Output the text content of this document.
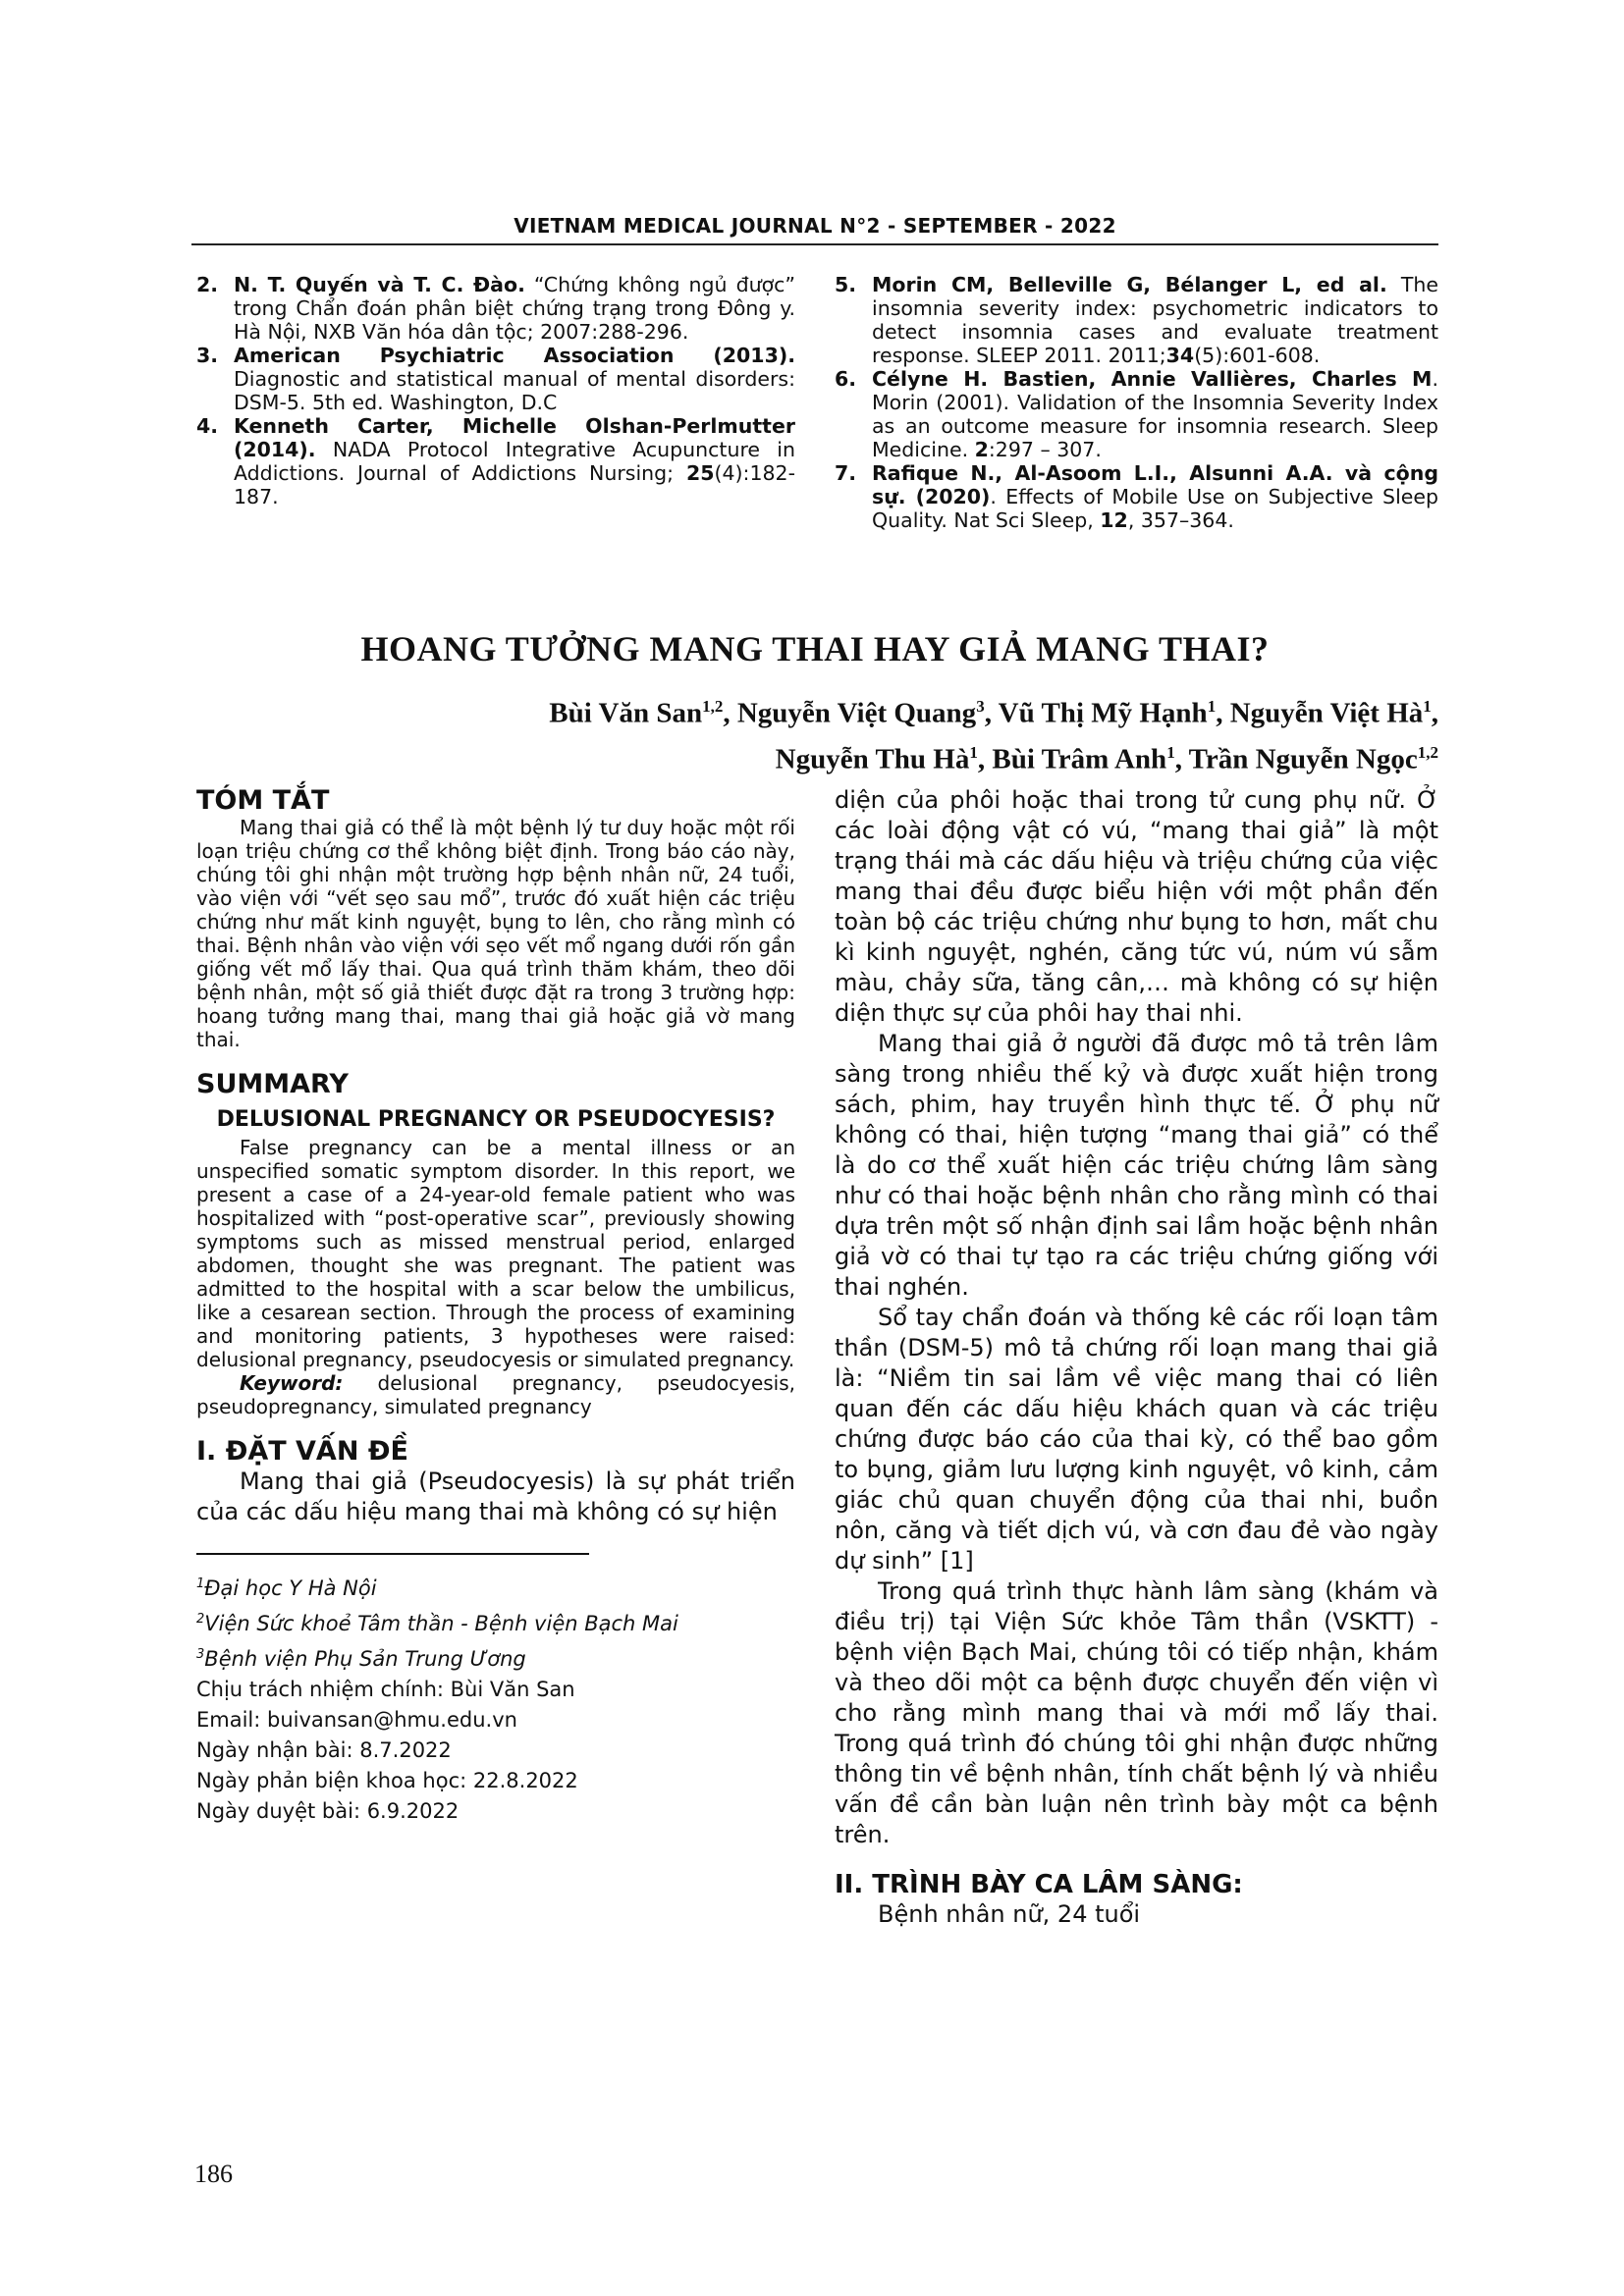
VIETNAM MEDICAL JOURNAL N°2 - SEPTEMBER - 2022
2. N. T. Quyến và T. C. Đào. “Chứng không ngủ được” trong Chẩn đoán phân biệt chứng trạng trong Đông y. Hà Nội, NXB Văn hóa dân tộc; 2007:288-296.
3. American Psychiatric Association (2013). Diagnostic and statistical manual of mental disorders: DSM-5. 5th ed. Washington, D.C
4. Kenneth Carter, Michelle Olshan-Perlmutter (2014). NADA Protocol Integrative Acupuncture in Addictions. Journal of Addictions Nursing; 25(4):182-187.
5. Morin CM, Belleville G, Bélanger L, ed al. The insomnia severity index: psychometric indicators to detect insomnia cases and evaluate treatment response. SLEEP 2011. 2011;34(5):601-608.
6. Célyne H. Bastien, Annie Vallières, Charles M. Morin (2001). Validation of the Insomnia Severity Index as an outcome measure for insomnia research. Sleep Medicine. 2:297 – 307.
7. Rafique N., Al-Asoom L.I., Alsunni A.A. và cộng sự. (2020). Effects of Mobile Use on Subjective Sleep Quality. Nat Sci Sleep, 12, 357–364.
HOANG TƯỞNG MANG THAI HAY GIẢ MANG THAI?
Bùi Văn San$^{1,2}$, Nguyễn Việt Quang$^3$, Vũ Thị Mỹ Hạnh$^1$, Nguyễn Việt $Hà^1$,
Nguyễn Thu $Hà^1$, Bùi Trâm Anh$^1$, Trần Nguyễn Ngọc$^{1,2}$
TÓM TẮT

Mang thai giả có thể là một bệnh lý tư duy hoặc một rối loạn triệu chứng cơ thể không biệt định. Trong báo cáo này, chúng tôi ghi nhận một trường hợp bệnh nhân nữ, 24 tuổi, vào viện với “vết sẹo sau mổ”, trước đó xuất hiện các triệu chứng như mất kinh nguyệt, bụng to lên, cho rằng mình có thai. Bệnh nhân vào viện với sẹo vết mổ ngang dưới rốn gần giống vết mổ lấy thai. Qua quá trình thăm khám, theo dõi bệnh nhân, một số giả thiết được đặt ra trong 3 trường hợp: hoang tưởng mang thai, mang thai giả hoặc giả vờ mang thai.

SUMMARY
DELUSIONAL PREGNANCY OR PSEUDOCYESIS?

False pregnancy can be a mental illness or an unspecified somatic symptom disorder. In this report, we present a case of a 24-year-old female patient who was hospitalized with “post-operative scar”, previously showing symptoms such as missed menstrual period, enlarged abdomen, thought she was pregnant. The patient was admitted to the hospital with a scar below the umbilicus, like a cesarean section. Through the process of examining and monitoring patients, 3 hypotheses were raised: delusional pregnancy, pseudocyesis or simulated pregnancy.

Keyword: delusional pregnancy, pseudocyesis, pseudopregnancy, simulated pregnancy

I. ĐẶT VẤN ĐỀ

Mang thai giả (Pseudocyesis) là sự phát triển của các dấu hiệu mang thai mà không có sự hiện

$^1$Đại học Y Hà Nội

$^2$Viện Sức khoẻ Tâm thần - Bệnh viện Bạch Mai

$^3$Bệnh viện Phụ Sản Trung Ương

Chịu trách nhiệm chính: Bùi Văn San

Email: buivansan@hmu.edu.vn

Ngày nhận bài: 8.7.2022

Ngày phản biện khoa học: 22.8.2022

Ngày duyệt bài: 6.9.2022

diện của phôi hoặc thai trong tử cung phụ nữ. Ở các loài động vật có vú, “mang thai giả” là một trạng thái mà các dấu hiệu và triệu chứng của việc mang thai đều được biểu hiện với một phần đến toàn bộ các triệu chứng như bụng to hơn, mất chu kì kinh nguyệt, nghén, căng tức vú, núm vú sẫm màu, chảy sữa, tăng cân,… mà không có sự hiện diện thực sự của phôi hay thai nhi.

Mang thai giả ở người đã được mô tả trên lâm sàng trong nhiều thế kỷ và được xuất hiện trong sách, phim, hay truyền hình thực tế. Ở phụ nữ không có thai, hiện tượng “mang thai giả” có thể là do cơ thể xuất hiện các triệu chứng lâm sàng như có thai hoặc bệnh nhân cho rằng mình có thai dựa trên một số nhận định sai lầm hoặc bệnh nhân giả vờ có thai tự tạo ra các triệu chứng giống với thai nghén.

Sổ tay chẩn đoán và thống kê các rối loạn tâm thần (DSM-5) mô tả chứng rối loạn mang thai giả là: “Niềm tin sai lầm về việc mang thai có liên quan đến các dấu hiệu khách quan và các triệu chứng được báo cáo của thai kỳ, có thể bao gồm to bụng, giảm lưu lượng kinh nguyệt, vô kinh, cảm giác chủ quan chuyển động của thai nhi, buồn nôn, căng và tiết dịch vú, và cơn đau đẻ vào ngày dự sinh” [1]

Trong quá trình thực hành lâm sàng (khám và điều trị) tại Viện Sức khỏe Tâm thần (VSKTT) - bệnh viện Bạch Mai, chúng tôi có tiếp nhận, khám và theo dõi một ca bệnh được chuyển đến viện vì cho rằng mình mang thai và mới mổ lấy thai. Trong quá trình đó chúng tôi ghi nhận được những thông tin về bệnh nhân, tính chất bệnh lý và nhiều vấn đề cần bàn luận nên trình bày một ca bệnh trên.

II. TRÌNH BÀY CA LÂM SÀNG:

Bệnh nhân nữ, 24 tuổi

186
